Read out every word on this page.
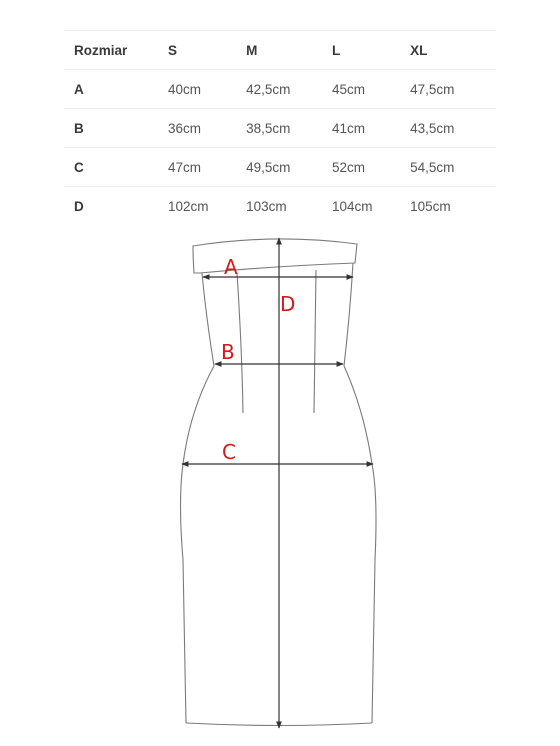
Rozmiar	S	M	L	XL
A	40cm	42,5cm	45cm	47,5cm
B	36cm	38,5cm	41cm	43,5cm
C	47cm	49,5cm	52cm	54,5cm
D	102cm	103cm	104cm	105cm
A
B
C
D
